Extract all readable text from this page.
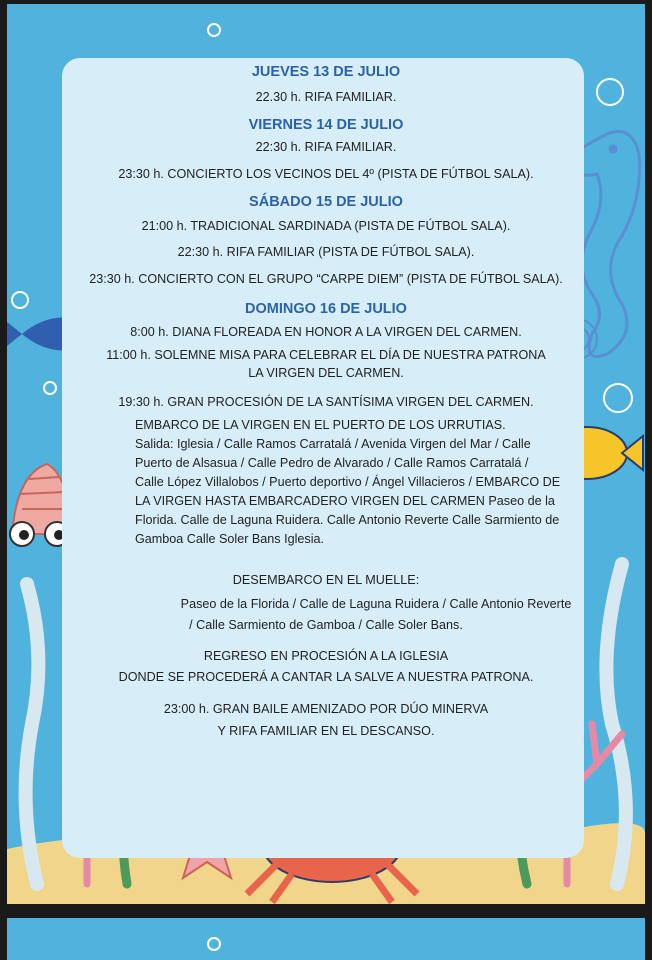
JUEVES 13 DE JULIO
22.30 h. RIFA FAMILIAR.
VIERNES 14 DE JULIO
22:30 h. RIFA FAMILIAR.
23:30 h. CONCIERTO LOS VECINOS DEL 4º (PISTA DE FÚTBOL SALA).
SÁBADO 15 DE JULIO
21:00 h. TRADICIONAL SARDINADA (PISTA DE FÚTBOL SALA).
22:30 h. RIFA FAMILIAR (PISTA DE FÚTBOL SALA).
23:30 h. CONCIERTO CON EL GRUPO “CARPE DIEM” (PISTA DE FÚTBOL SALA).
DOMINGO 16 DE JULIO
8:00 h. DIANA FLOREADA EN HONOR A LA VIRGEN DEL CARMEN.
11:00 h. SOLEMNE MISA PARA CELEBRAR EL DÍA DE NUESTRA PATRONA
LA VIRGEN DEL CARMEN.
19:30 h. GRAN PROCESIÓN DE LA SANTÍSIMA VIRGEN DEL CARMEN.
EMBARCO DE LA VIRGEN EN EL PUERTO DE LOS URRUTIAS.
Salida: Iglesia / Calle Ramos Carratalá / Avenida Virgen del Mar / Calle
Puerto de Alsasua / Calle Pedro de Alvarado / Calle Ramos Carratalá /
Calle López Villalobos / Puerto deportivo / Ángel Villacieros / EMBARCO DE
LA VIRGEN HASTA EMBARCADERO VIRGEN DEL CARMEN Paseo de la
Florida. Calle de Laguna Ruidera. Calle Antonio Reverte Calle Sarmiento de
Gamboa Calle Soler Bans Iglesia.
DESEMBARCO EN EL MUELLE:
Paseo de la Florida / Calle de Laguna Ruidera / Calle Antonio Reverte
/ Calle Sarmiento de Gamboa / Calle Soler Bans.
REGRESO EN PROCESIÓN A LA IGLESIA
DONDE SE PROCEDERÁ A CANTAR LA SALVE A NUESTRA PATRONA.
23:00 h. GRAN BAILE AMENIZADO POR DÚO MINERVA
Y RIFA FAMILIAR EN EL DESCANSO.
